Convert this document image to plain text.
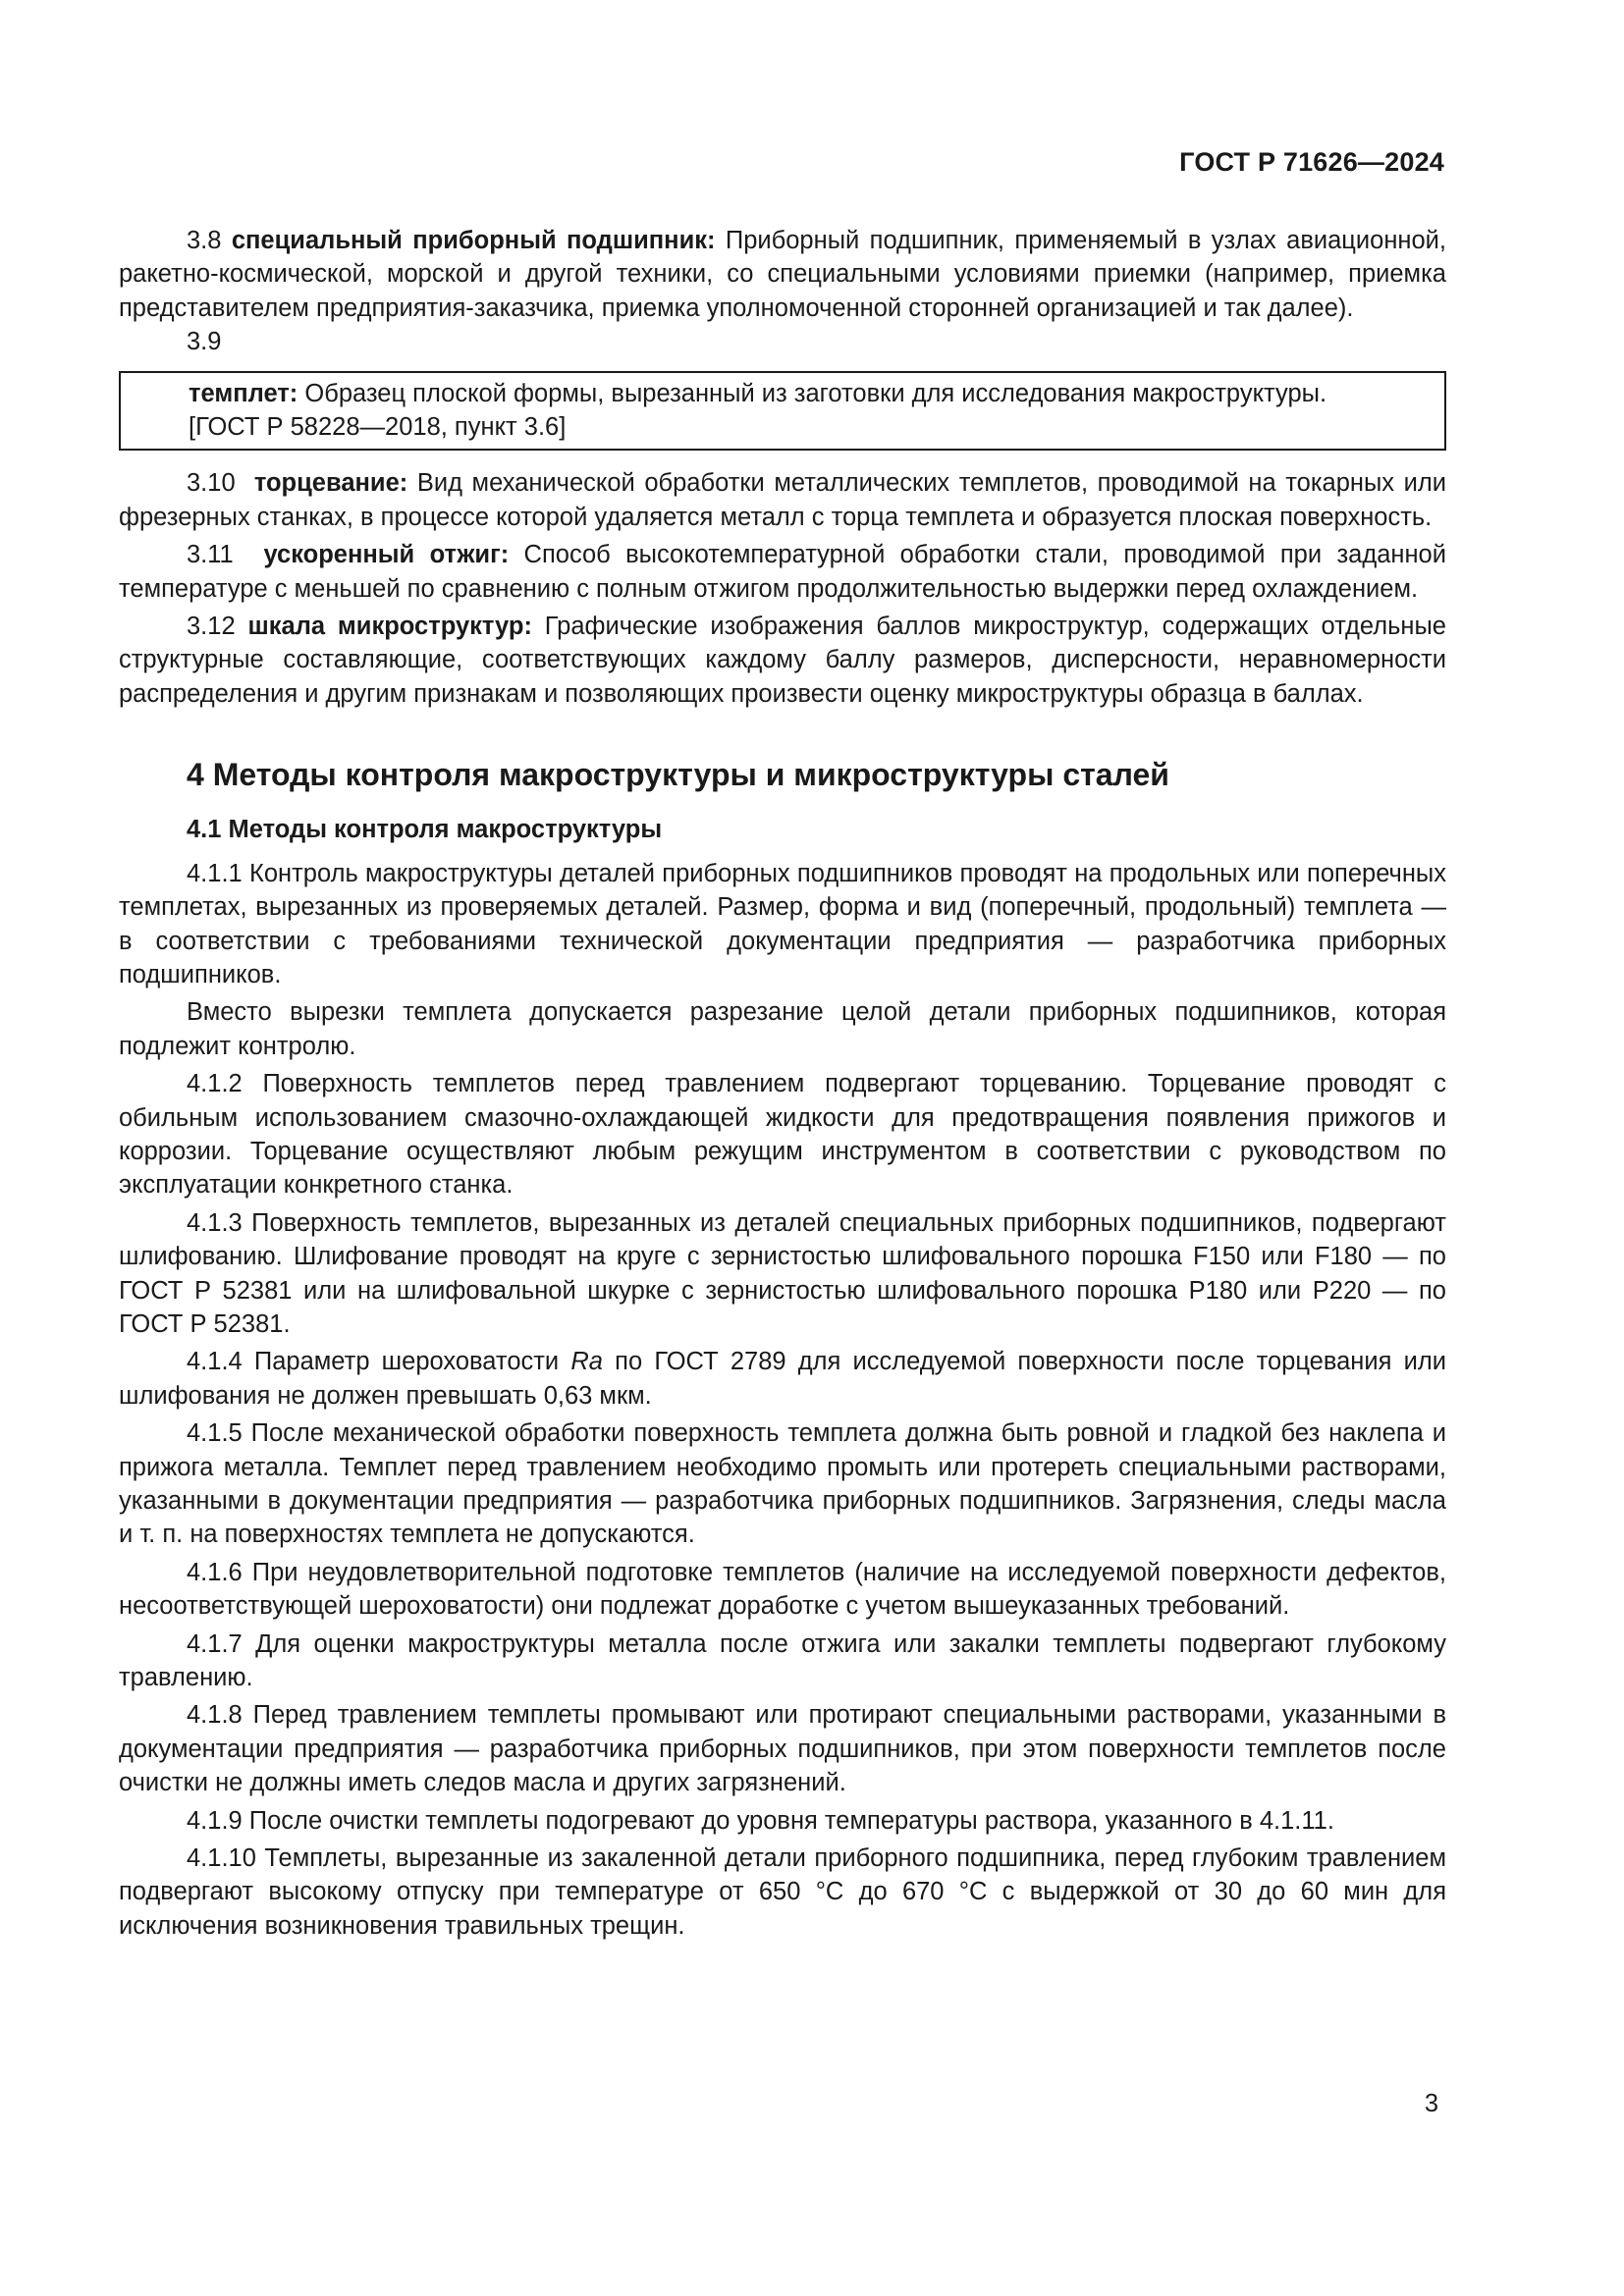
ГОСТ Р 71626—2024

3.8 специальный приборный подшипник: Приборный подшипник, применяемый в узлах авиационной, ракетно-космической, морской и другой техники, со специальными условиями приемки (например, приемка представителем предприятия-заказчика, приемка уполномоченной сторонней организацией и так далее).

3.9

темплет: Образец плоской формы, вырезанный из заготовки для исследования макроструктуры.

[ГОСТ Р 58228—2018, пункт 3.6]

3.10 торцевание: Вид механической обработки металлических темплетов, проводимой на токарных или фрезерных станках, в процессе которой удаляется металл с торца темплета и образуется плоская поверхность.

3.11 ускоренный отжиг: Способ высокотемпературной обработки стали, проводимой при заданной температуре с меньшей по сравнению с полным отжигом продолжительностью выдержки перед охлаждением.

3.12 шкала микроструктур: Графические изображения баллов микроструктур, содержащих отдельные структурные составляющие, соответствующих каждому баллу размеров, дисперсности, неравномерности распределения и другим признакам и позволяющих произвести оценку микроструктуры образца в баллах.

4 Методы контроля макроструктуры и микроструктуры сталей
4.1 Методы контроля макроструктуры

4.1.1 Контроль макроструктуры деталей приборных подшипников проводят на продольных или поперечных темплетах, вырезанных из проверяемых деталей. Размер, форма и вид (поперечный, продольный) темплета — в соответствии с требованиями технической документации предприятия — разработчика приборных подшипников.

Вместо вырезки темплета допускается разрезание целой детали приборных подшипников, которая подлежит контролю.

4.1.2 Поверхность темплетов перед травлением подвергают торцеванию. Торцевание проводят с обильным использованием смазочно-охлаждающей жидкости для предотвращения появления прижогов и коррозии. Торцевание осуществляют любым режущим инструментом в соответствии с руководством по эксплуатации конкретного станка.

4.1.3 Поверхность темплетов, вырезанных из деталей специальных приборных подшипников, подвергают шлифованию. Шлифование проводят на круге с зернистостью шлифовального порошка F150 или F180 — по ГОСТ Р 52381 или на шлифовальной шкурке с зернистостью шлифовального порошка Р180 или Р220 — по ГОСТ Р 52381.

4.1.4 Параметр шероховатости Ra по ГОСТ 2789 для исследуемой поверхности после торцевания или шлифования не должен превышать 0,63 мкм.

4.1.5 После механической обработки поверхность темплета должна быть ровной и гладкой без наклепа и прижога металла. Темплет перед травлением необходимо промыть или протереть специальными растворами, указанными в документации предприятия — разработчика приборных подшипников. Загрязнения, следы масла и т. п. на поверхностях темплета не допускаются.

4.1.6 При неудовлетворительной подготовке темплетов (наличие на исследуемой поверхности дефектов, несоответствующей шероховатости) они подлежат доработке с учетом вышеуказанных требований.

4.1.7 Для оценки макроструктуры металла после отжига или закалки темплеты подвергают глубокому травлению.

4.1.8 Перед травлением темплеты промывают или протирают специальными растворами, указанными в документации предприятия — разработчика приборных подшипников, при этом поверхности темплетов после очистки не должны иметь следов масла и других загрязнений.

4.1.9 После очистки темплеты подогревают до уровня температуры раствора, указанного в 4.1.11.

4.1.10 Темплеты, вырезанные из закаленной детали приборного подшипника, перед глубоким травлением подвергают высокому отпуску при температуре от 650 °С до 670 °С с выдержкой от 30 до 60 мин для исключения возникновения травильных трещин.

3
